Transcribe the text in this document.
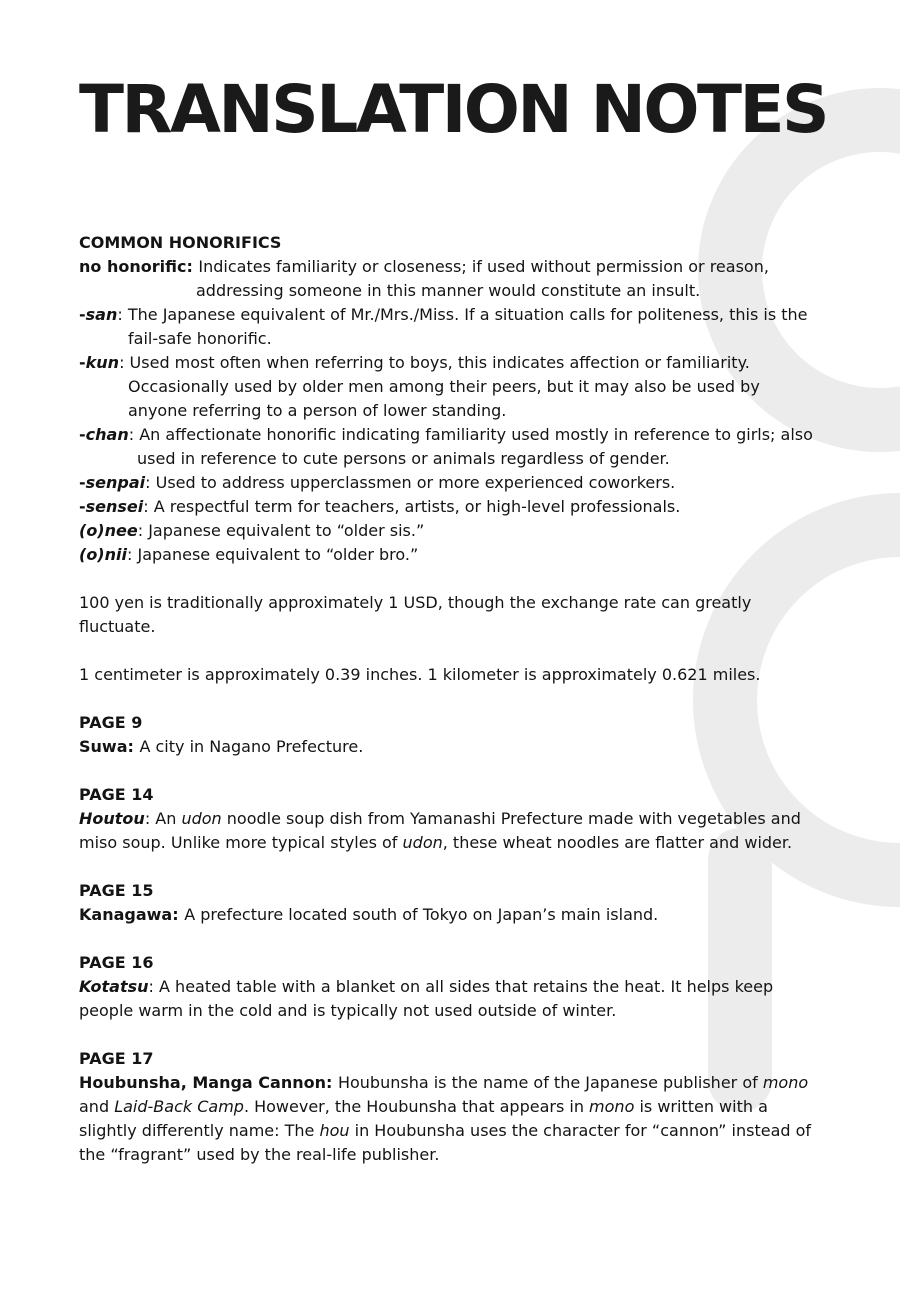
TRANSLATION NOTES

COMMON HONORIFICS

no honorific: Indicates familiarity or closeness; if used without permission or reason, addressing someone in this manner would constitute an insult.

-san: The Japanese equivalent of Mr./Mrs./Miss. If a situation calls for politeness, this is the fail-safe honorific.

-kun: Used most often when referring to boys, this indicates affection or familiarity. Occasionally used by older men among their peers, but it may also be used by anyone referring to a person of lower standing.

-chan: An affectionate honorific indicating familiarity used mostly in reference to girls; also used in reference to cute persons or animals regardless of gender.

-senpai: Used to address upperclassmen or more experienced coworkers.

-sensei: A respectful term for teachers, artists, or high-level professionals.

(o)nee: Japanese equivalent to “older sis.”

(o)nii: Japanese equivalent to “older bro.”

100 yen is traditionally approximately 1 USD, though the exchange rate can greatly fluctuate.

1 centimeter is approximately 0.39 inches. 1 kilometer is approximately 0.621 miles.

PAGE 9

Suwa: A city in Nagano Prefecture.

PAGE 14

Houtou: An udon noodle soup dish from Yamanashi Prefecture made with vegetables and miso soup. Unlike more typical styles of udon, these wheat noodles are flatter and wider.

PAGE 15

Kanagawa: A prefecture located south of Tokyo on Japan’s main island.

PAGE 16

Kotatsu: A heated table with a blanket on all sides that retains the heat. It helps keep people warm in the cold and is typically not used outside of winter.

PAGE 17

Houbunsha, Manga Cannon: Houbunsha is the name of the Japanese publisher of mono and Laid-Back Camp. However, the Houbunsha that appears in mono is written with a slightly differently name: The hou in Houbunsha uses the character for “cannon” instead of the “fragrant” used by the real-life publisher.
